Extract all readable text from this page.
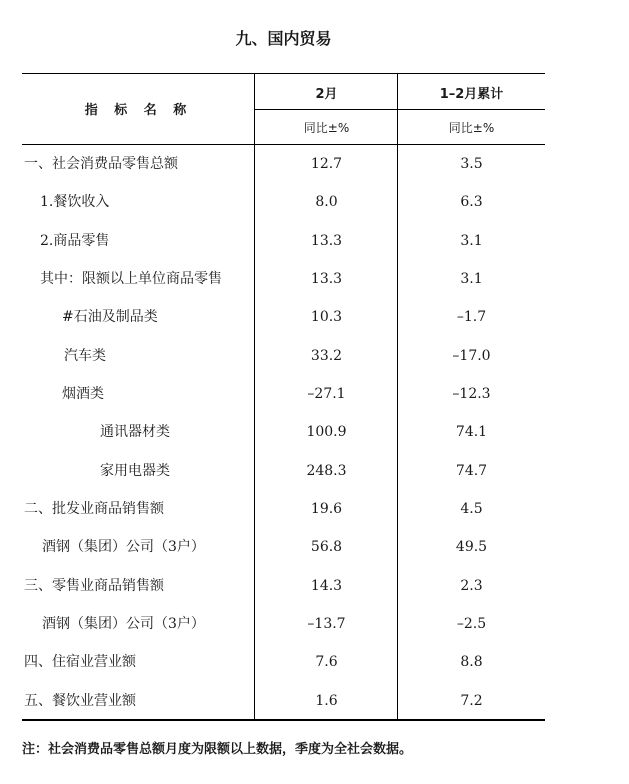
九、国内贸易
指 标 名 称
2月	1–2月累计
同比±%	同比±%
一、社会消费品零售总额	12.7	3.5
1.餐饮收入	8.0	6.3
2.商品零售	13.3	3.1
其中：限额以上单位商品零售	13.3	3.1
#石油及制品类	10.3	–1.7
汽车类	33.2	–17.0
烟酒类	–27.1	–12.3
通讯器材类	100.9	74.1
家用电器类	248.3	74.7
二、批发业商品销售额	19.6	4.5
酒钢（集团）公司（3户）	56.8	49.5
三、零售业商品销售额	14.3	2.3
酒钢（集团）公司（3户）	–13.7	–2.5
四、住宿业营业额	7.6	8.8
五、餐饮业营业额	1.6	7.2
注：社会消费品零售总额月度为限额以上数据，季度为全社会数据。
